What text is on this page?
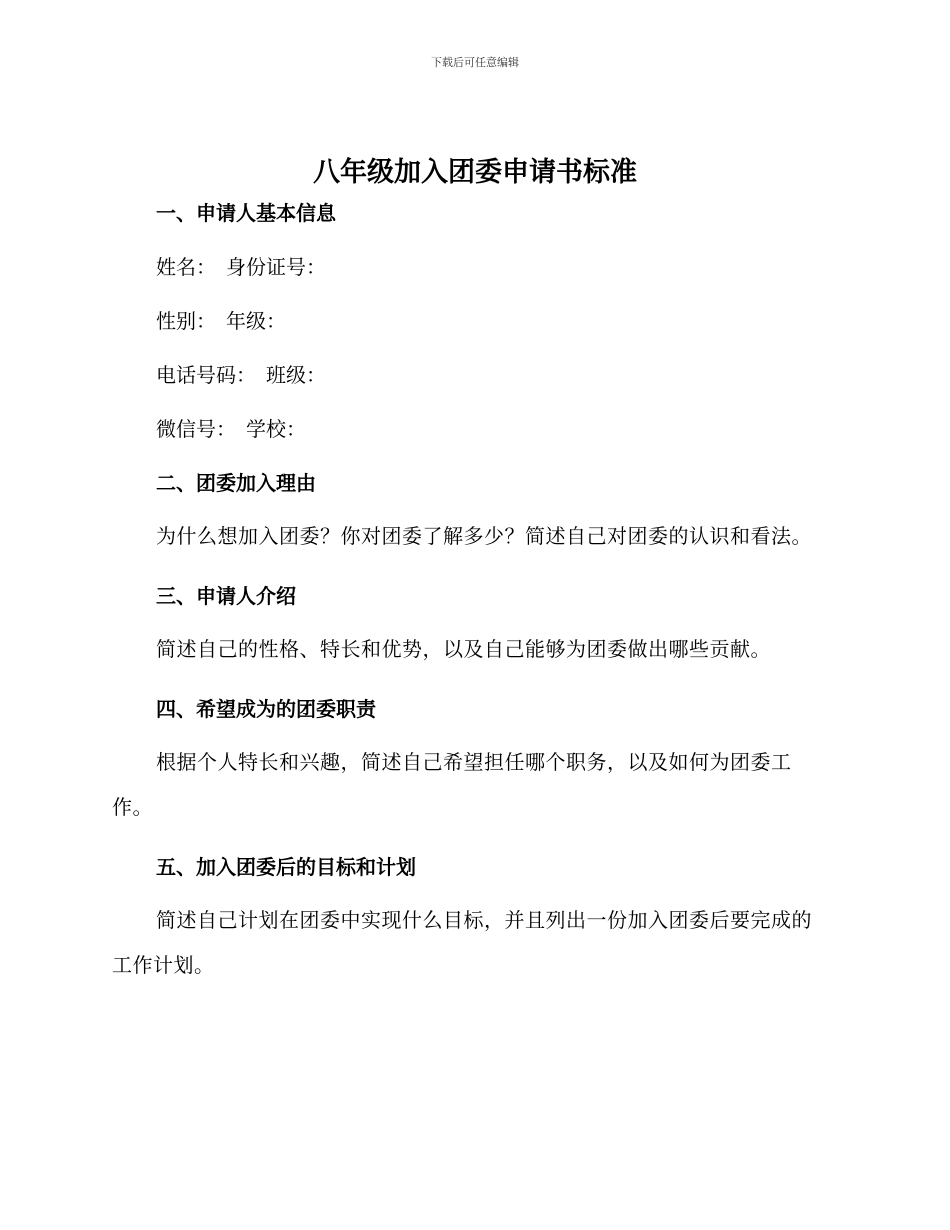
下载后可任意编辑
八年级加入团委申请书标准
一、申请人基本信息
姓名： 身份证号：
性别： 年级：
电话号码： 班级：
微信号： 学校：
二、团委加入理由

为什么想加入团委？你对团委了解多少？简述自己对团委的认识和看法。

三、申请人介绍

简述自己的性格、特长和优势，以及自己能够为团委做出哪些贡献。

四、希望成为的团委职责

根据个人特长和兴趣，简述自己希望担任哪个职务，以及如何为团委工作。

五、加入团委后的目标和计划

简述自己计划在团委中实现什么目标，并且列出一份加入团委后要完成的工作计划。
